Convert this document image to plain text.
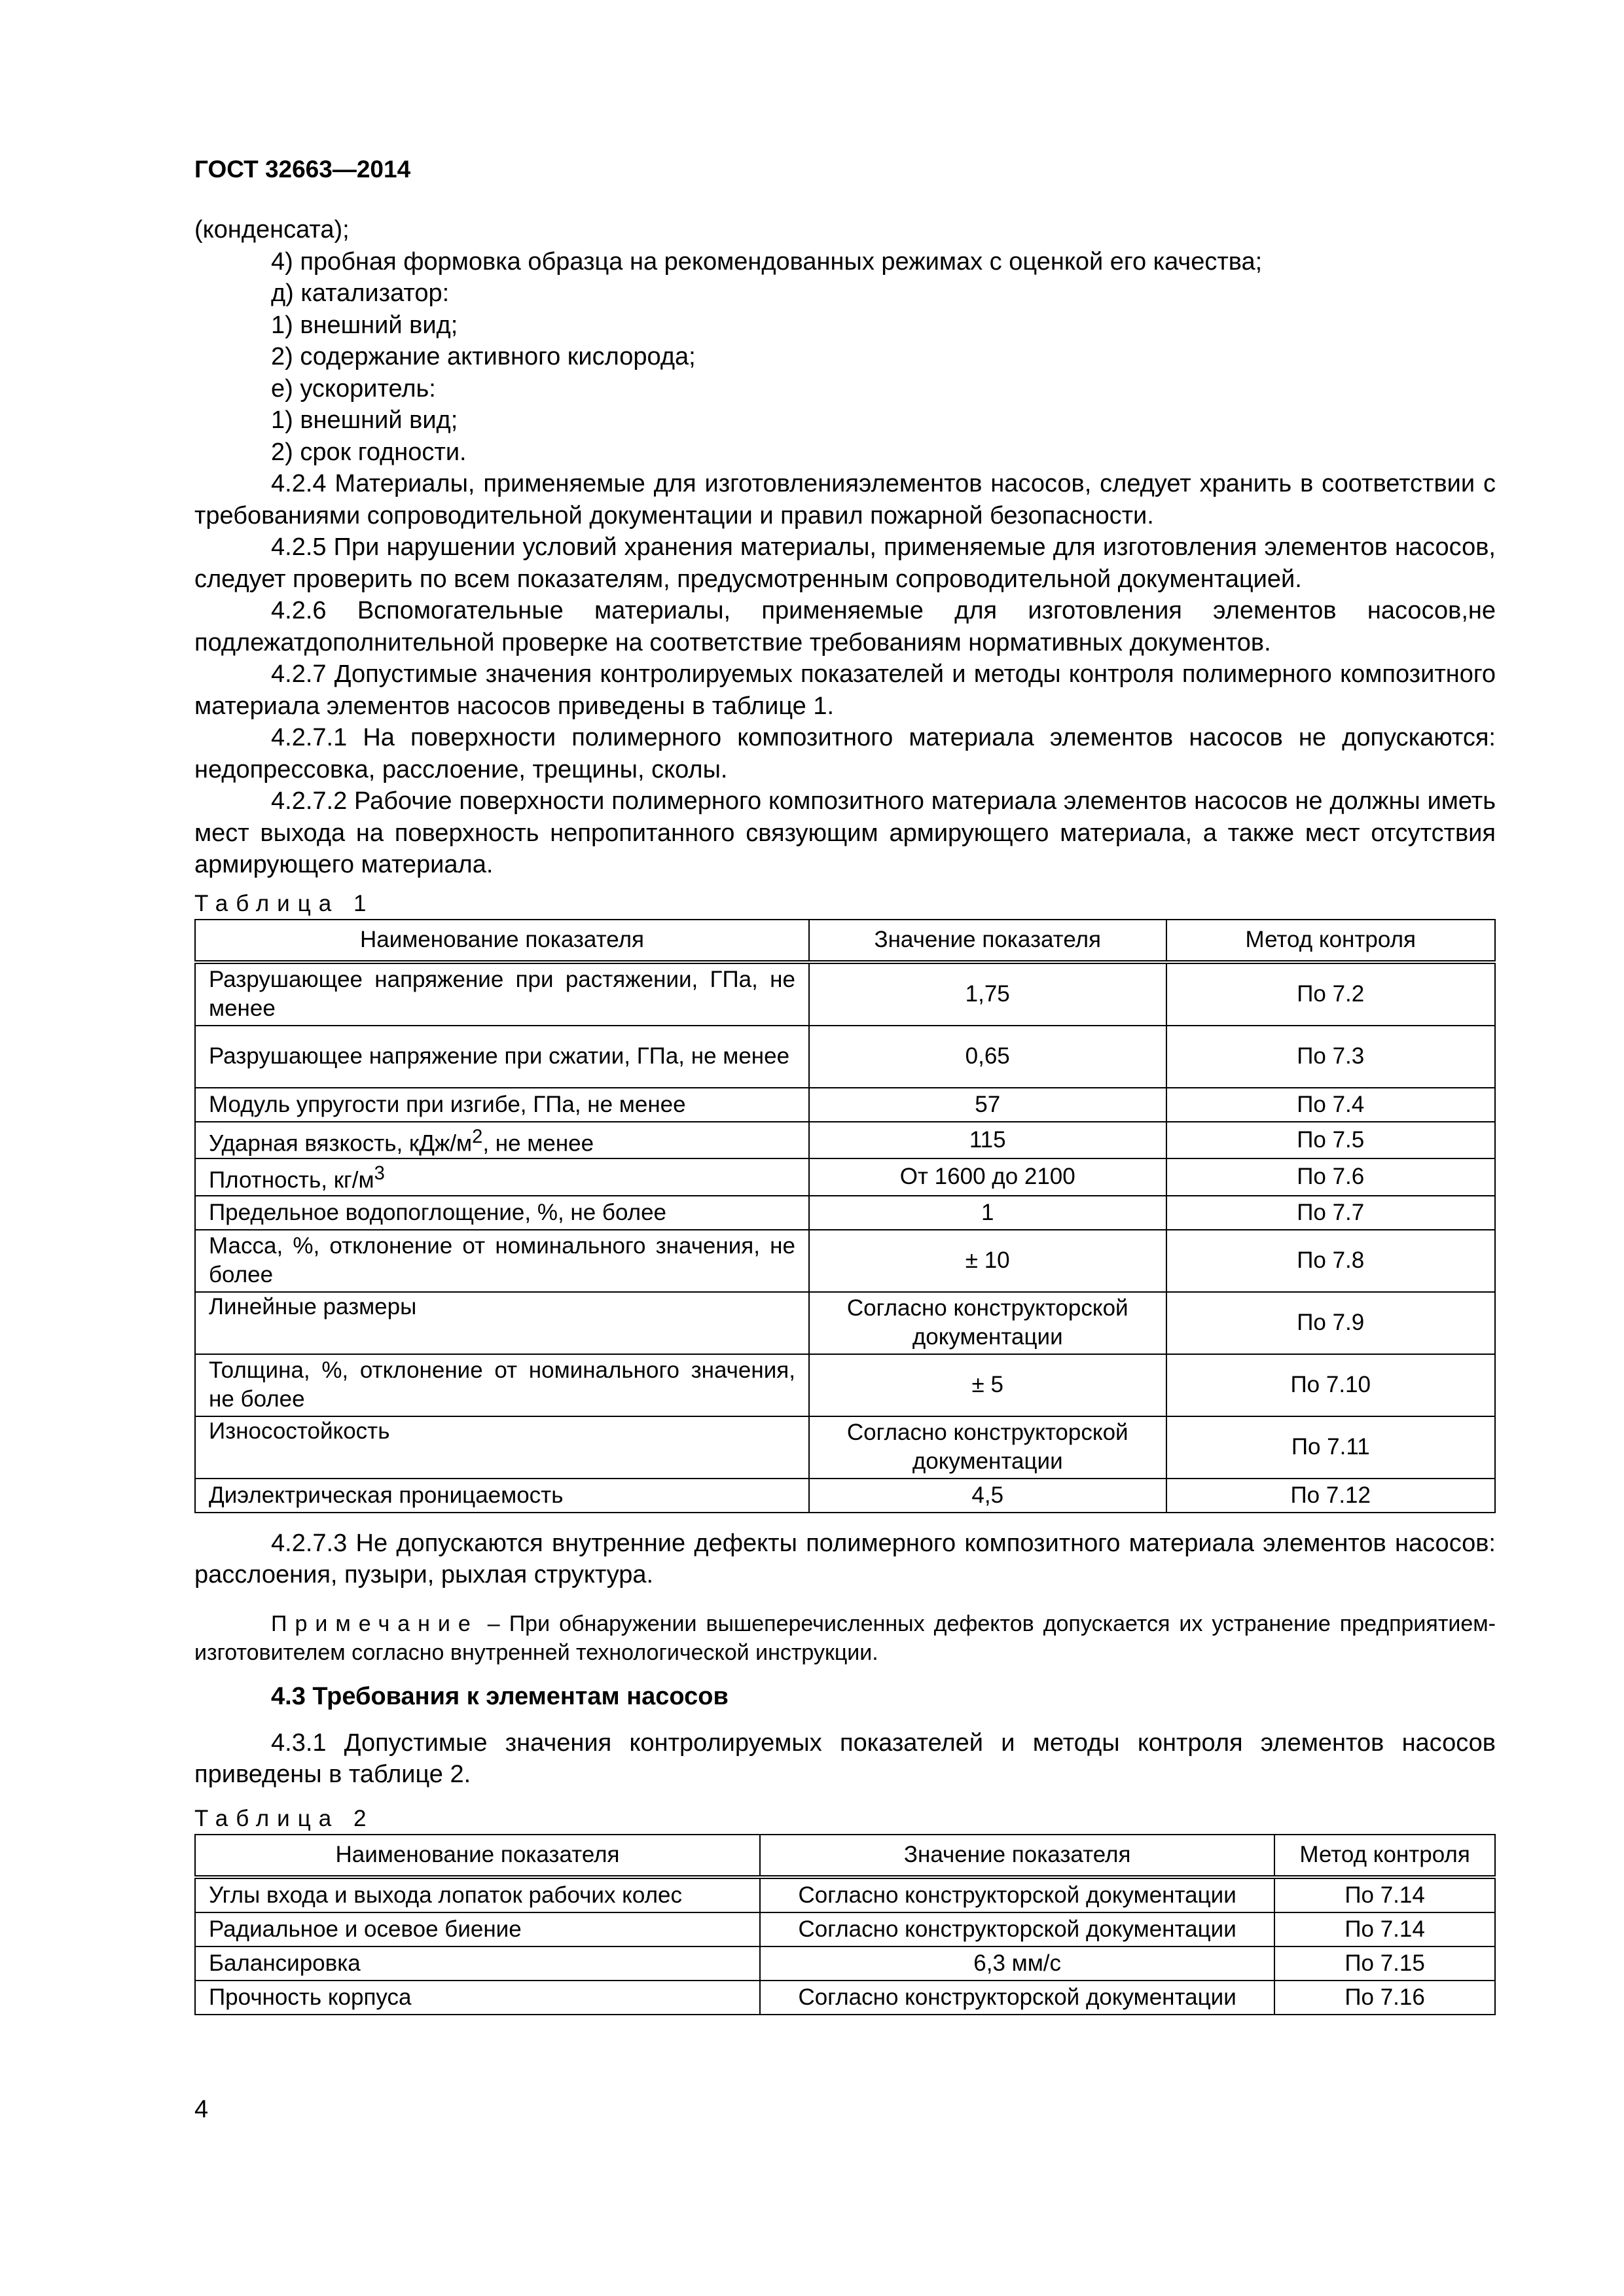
ГОСТ 32663—2014

(конденсата);

4) пробная формовка образца на рекомендованных режимах с оценкой его качества;

д) катализатор:

1) внешний вид;

2) содержание активного кислорода;

е) ускоритель:

1) внешний вид;

2) срок годности.

4.2.4 Материалы, применяемые для изготовленияэлементов насосов, следует хранить в соответствии с требованиями сопроводительной документации и правил пожарной безопасности.

4.2.5 При нарушении условий хранения материалы, применяемые для изготовления элементов насосов, следует проверить по всем показателям, предусмотренным сопроводительной документацией.

4.2.6 Вспомогательные материалы, применяемые для изготовления элементов насосов,не подлежатдополнительной проверке на соответствие требованиям нормативных документов.

4.2.7 Допустимые значения контролируемых показателей и методы контроля полимерного композитного материала элементов насосов приведены в таблице 1.

4.2.7.1 На поверхности полимерного композитного материала элементов насосов не допускаются: недопрессовка, расслоение, трещины, сколы.

4.2.7.2 Рабочие поверхности полимерного композитного материала элементов насосов не должны иметь мест выхода на поверхность непропитанного связующим армирующего материала, а также мест отсутствия армирующего материала.

Таблица 1
Наименование показателя	Значение показателя	Метод контроля
Разрушающее напряжение при растяжении, ГПа, не менее	1,75	По 7.2
Разрушающее напряжение при сжатии, ГПа, не менее	0,65	По 7.3
Модуль упругости при изгибе, ГПа, не менее	57	По 7.4
Ударная вязкость, кДж/$м^2$, не менее	115	По 7.5
Плотность, $кг/м^3$	От 1600 до 2100	По 7.6
Предельное водопоглощение, %, не более	1	По 7.7
Масса, %, отклонение от номинального значения, не более	± 10	По 7.8
Линейные размеры	Согласно конструкторской документации	По 7.9
Толщина, %, отклонение от номинального значения, не более	± 5	По 7.10
Износостойкость	Согласно конструкторской документации	По 7.11
Диэлектрическая проницаемость	4,5	По 7.12

4.2.7.3 Не допускаются внутренние дефекты полимерного композитного материала элементов насосов: расслоения, пузыри, рыхлая структура.

Примечание – При обнаружении вышеперечисленных дефектов допускается их устранение предприятием-изготовителем согласно внутренней технологической инструкции.

4.3 Требования к элементам насосов

4.3.1 Допустимые значения контролируемых показателей и методы контроля элементов насосов приведены в таблице 2.

Таблица 2
Наименование показателя	Значение показателя	Метод контроля
Углы входа и выхода лопаток рабочих колес	Согласно конструкторской документации	По 7.14
Радиальное и осевое биение	Согласно конструкторской документации	По 7.14
Балансировка	6,3 мм/с	По 7.15
Прочность корпуса	Согласно конструкторской документации	По 7.16
4
